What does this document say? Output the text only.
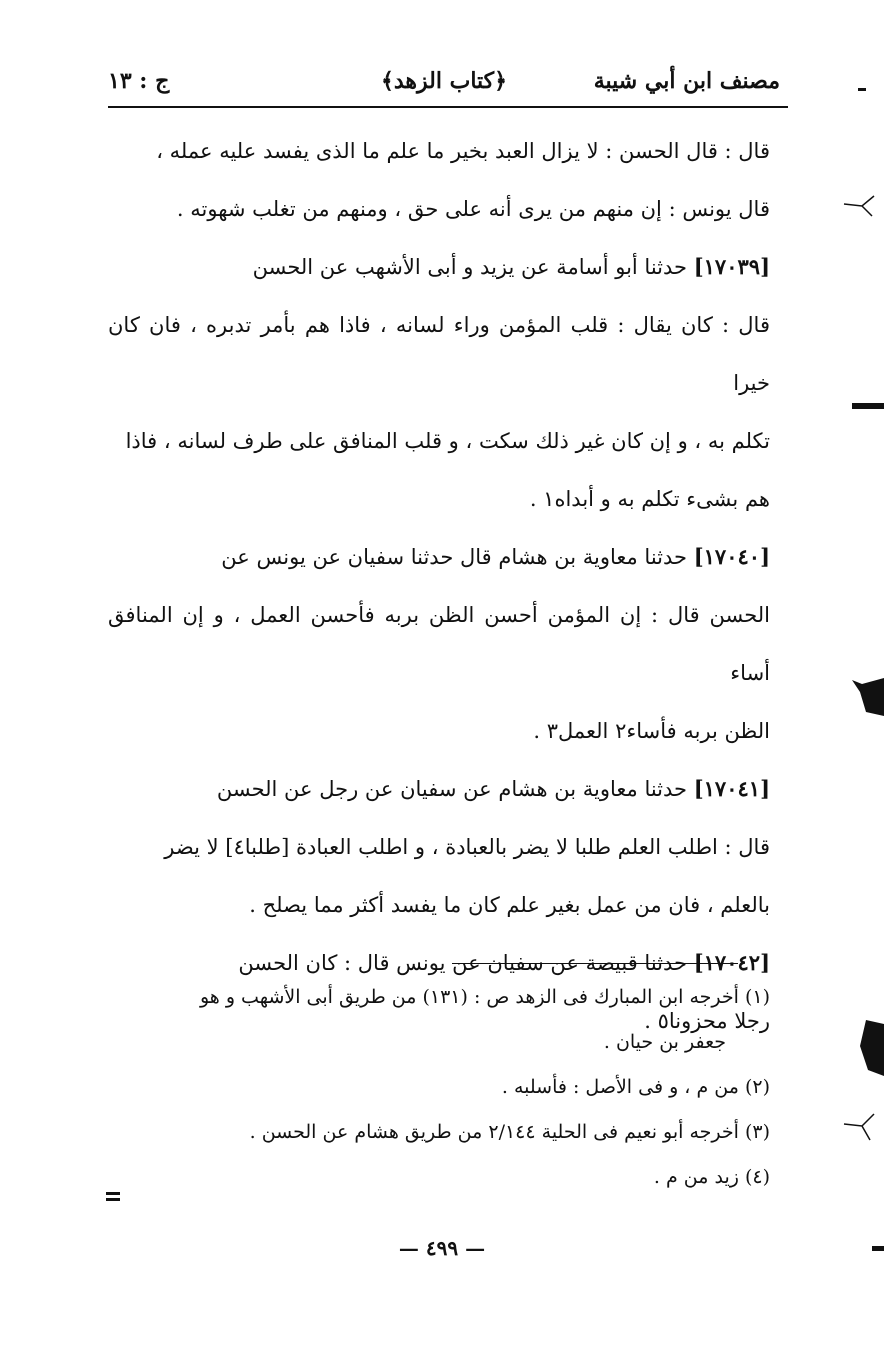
مصنف ابن أبي شيبة
﴿كتاب الزهد﴾
ج : ١٣

قال : قال الحسن : لا يزال العبد بخير ما علم ما الذى يفسد عليه عمله ،
قال يونس : إن منهم من يرى أنه على حق ، ومنهم من تغلب شهوته .

[١٧٠٣٩] حدثنا أبو أسامة عن يزيد و أبى الأشهب عن الحسن
قال : كان يقال : قلب المؤمن وراء لسانه ، فاذا هم بأمر تدبره ، فان كان خيرا
تكلم به ، و إن كان غير ذلك سكت ، و قلب المنافق على طرف لسانه ، فاذا
هم بشىء تكلم به و أبداه١ .

[١٧٠٤٠] حدثنا معاوية بن هشام قال حدثنا سفيان عن يونس عن
الحسن قال : إن المؤمن أحسن الظن بربه فأحسن العمل ، و إن المنافق أساء
الظن بربه فأساء٢ العمل٣ .

[١٧٠٤١] حدثنا معاوية بن هشام عن سفيان عن رجل عن الحسن
قال : اطلب العلم طلبا لا يضر بالعبادة ، و اطلب العبادة [طلبا٤] لا يضر
بالعلم ، فان من عمل بغير علم كان ما يفسد أكثر مما يصلح .

[١٧٠٤٢] حدثنا قبيصة عن سفيان عن يونس قال : كان الحسن
رجلا محزونا٥ .

(١) أخرجه ابن المبارك فى الزهد ص : (١٣١) من طريق أبى الأشهب و هو
جعفر بن حيان .

(٢) من م ، و فى الأصل : فأسلبه .

(٣) أخرجه أبو نعيم فى الحلية ٢/١٤٤ من طريق هشام عن الحسن .

(٤) زيد من م .

— ٤٩٩ —
